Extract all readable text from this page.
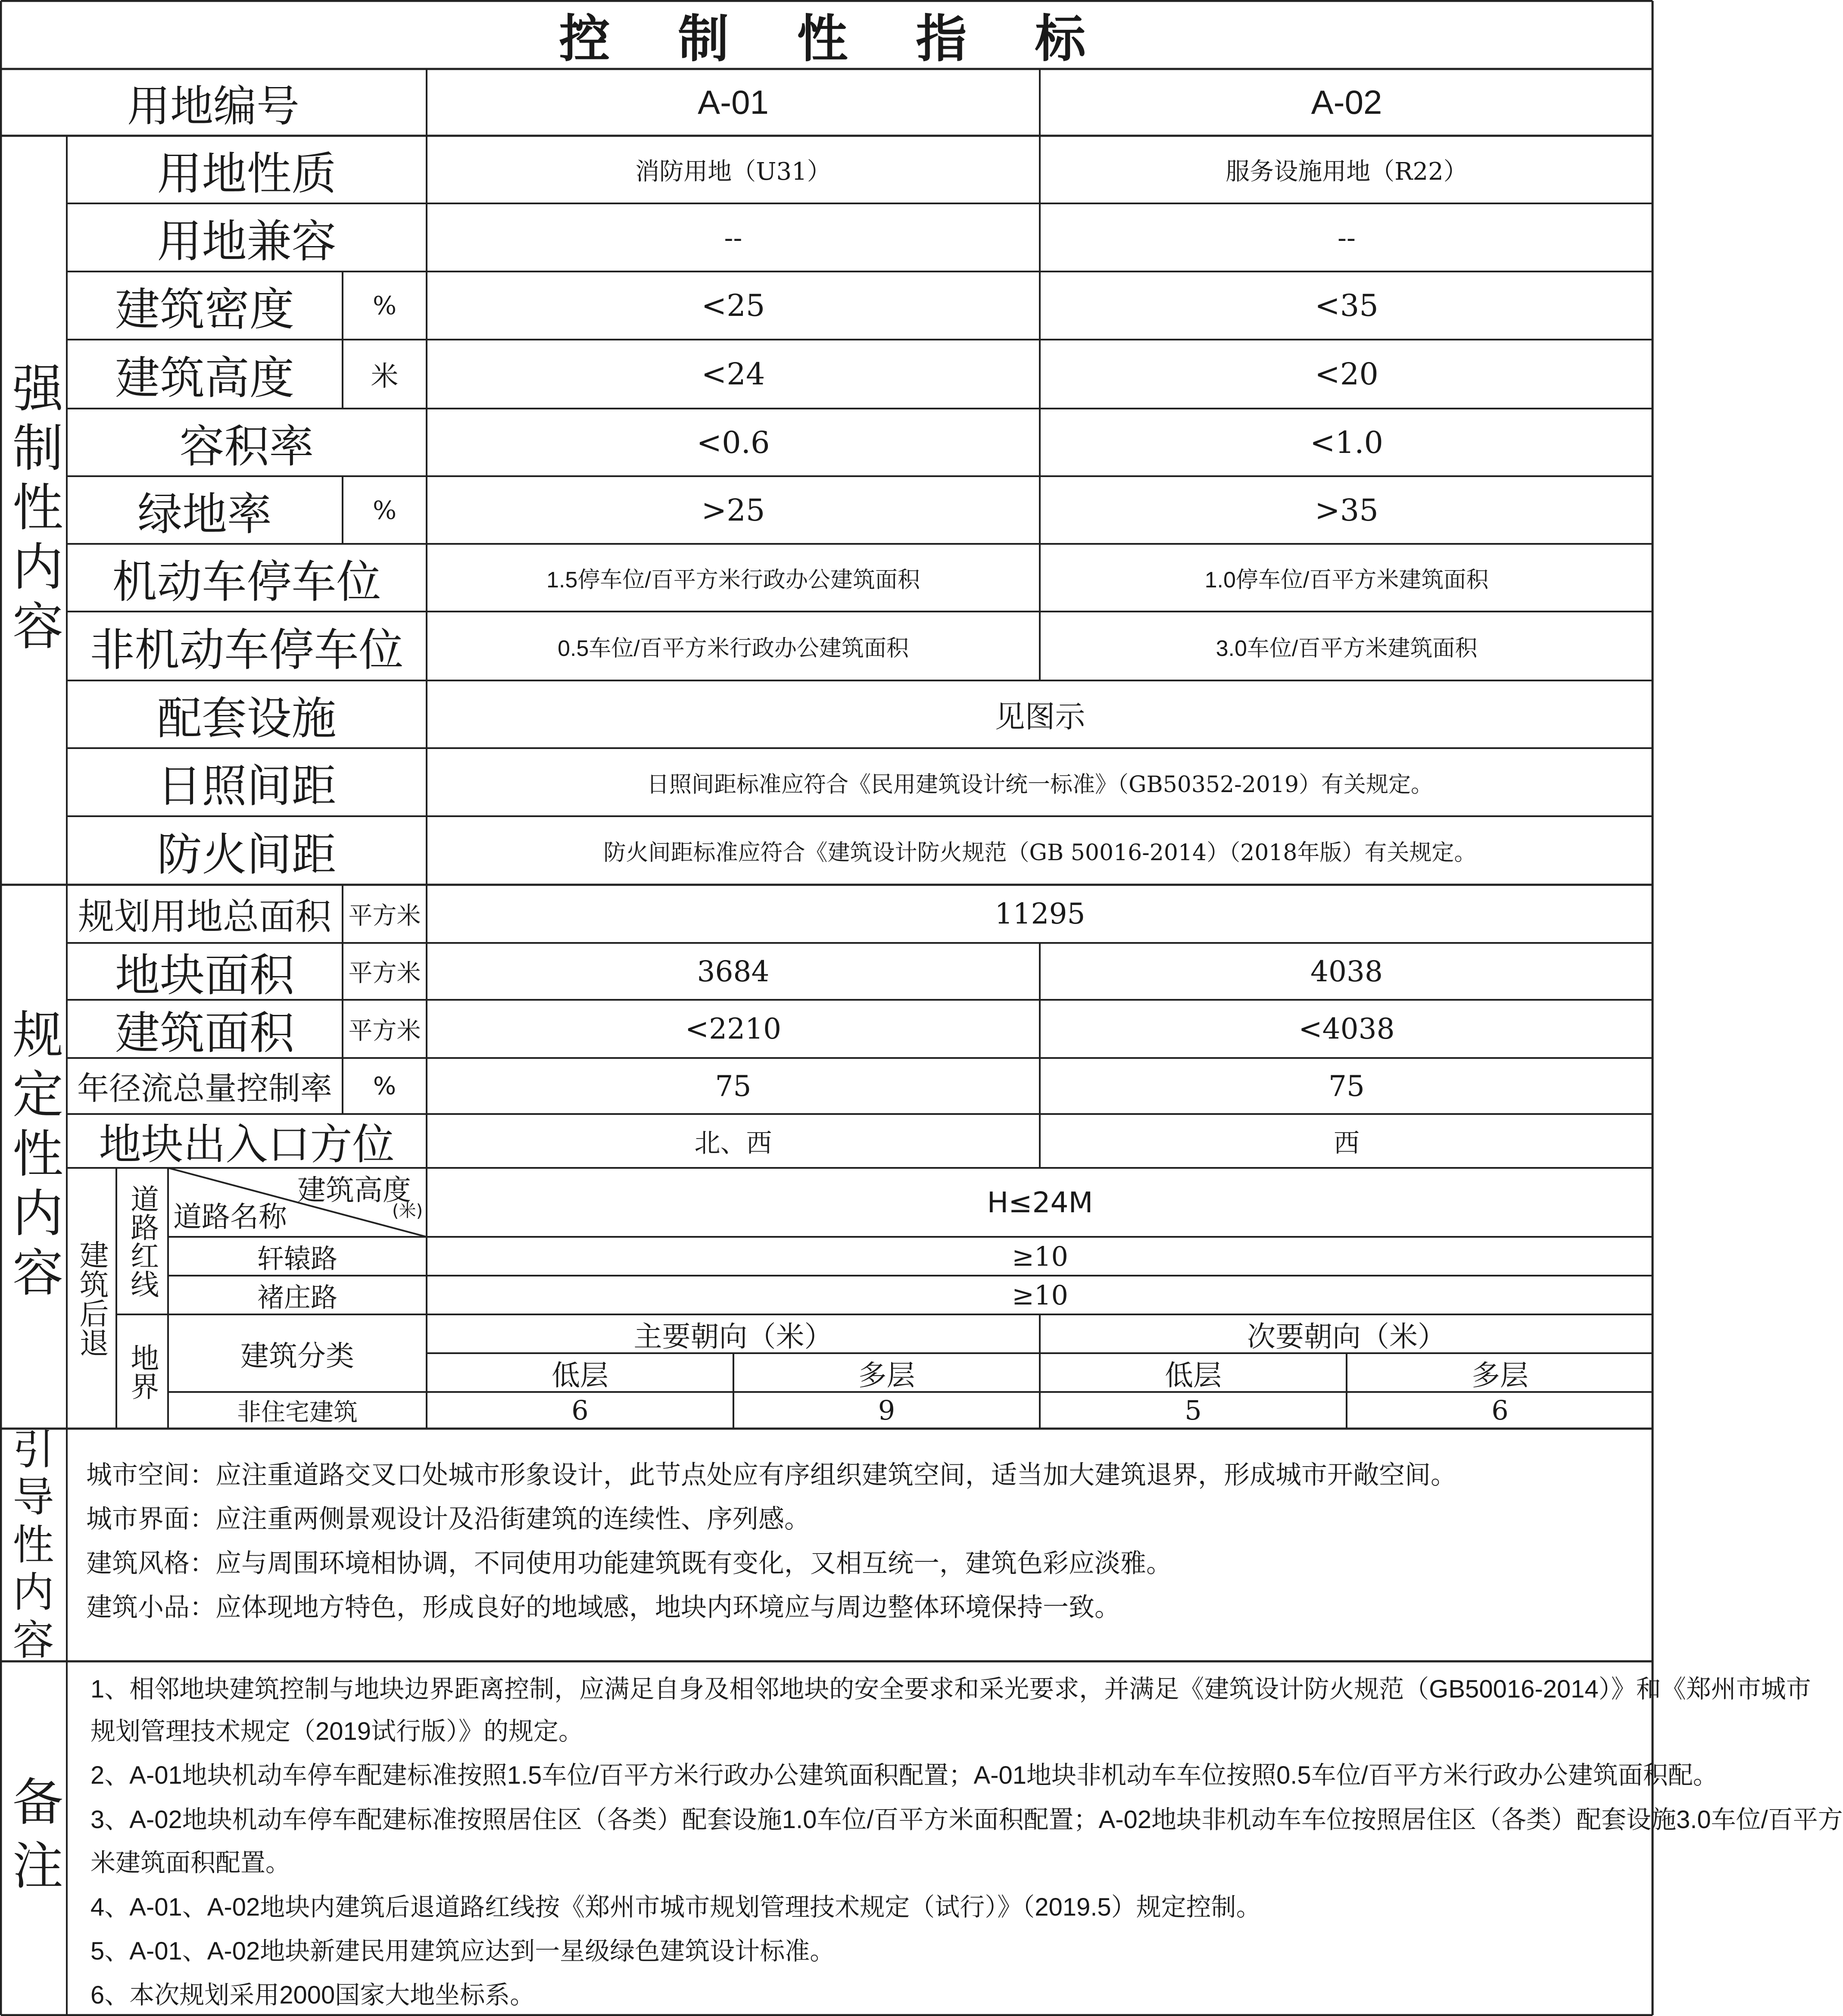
控　制　性　指　标
用地编号	A-01	A-02
强制性内容
用地性质	消防用地（U31）	服务设施用地（R22）
用地兼容	--	--
建筑密度	%	<25	<35
建筑高度	米	<24	<20
容积率	<0.6	<1.0
绿地率	%	>25	>35
机动车停车位	1.5停车位/百平方米行政办公建筑面积	1.0停车位/百平方米建筑面积
非机动车停车位	0.5车位/百平方米行政办公建筑面积	3.0车位/百平方米建筑面积
配套设施	见图示
日照间距	日照间距标准应符合《民用建筑设计统一标准》（GB50352-2019）有关规定。
防火间距	防火间距标准应符合《建筑设计防火规范（GB 50016-2014）（2018年版）有关规定。
规定性内容
规划用地总面积 平方米	11295
地块面积	平方米	3684	4038
建筑面积	平方米	<2210	<4038
年径流总量控制率	%	75	75
地块出入口方位	北、西	西
建筑后退 道路红线	建筑高度
(米)
道路名称	H≤24M
轩辕路	≥10
褚庄路	≥10
地界	建筑分类
主要朝向（米）	次要朝向（米）
低层	多层	低层	多层
非住宅建筑	6	9	5	6
引导性内容
城市空间：应注重道路交叉口处城市形象设计，此节点处应有序组织建筑空间，适当加大建筑退界，形成城市开敞空间。
城市界面：应注重两侧景观设计及沿街建筑的连续性、序列感。
建筑风格：应与周围环境相协调，不同使用功能建筑既有变化，又相互统一，建筑色彩应淡雅。
建筑小品：应体现地方特色，形成良好的地域感，地块内环境应与周边整体环境保持一致。
备注
1、相邻地块建筑控制与地块边界距离控制，应满足自身及相邻地块的安全要求和采光要求，并满足《建筑设计防火规范（GB50016-2014）》和《郑州市城市
规划管理技术规定（2019试行版）》的规定。
2、A-01地块机动车停车配建标准按照1.5车位/百平方米行政办公建筑面积配置；A-01地块非机动车车位按照0.5车位/百平方米行政办公建筑面积配。
3、A-02地块机动车停车配建标准按照居住区（各类）配套设施1.0车位/百平方米面积配置；A-02地块非机动车车位按照居住区（各类）配套设施3.0车位/百平方
米建筑面积配置。
4、A-01、A-02地块内建筑后退道路红线按《郑州市城市规划管理技术规定（试行）》（2019.5）规定控制。
5、A-01、A-02地块新建民用建筑应达到一星级绿色建筑设计标准。
6、本次规划采用2000国家大地坐标系。
